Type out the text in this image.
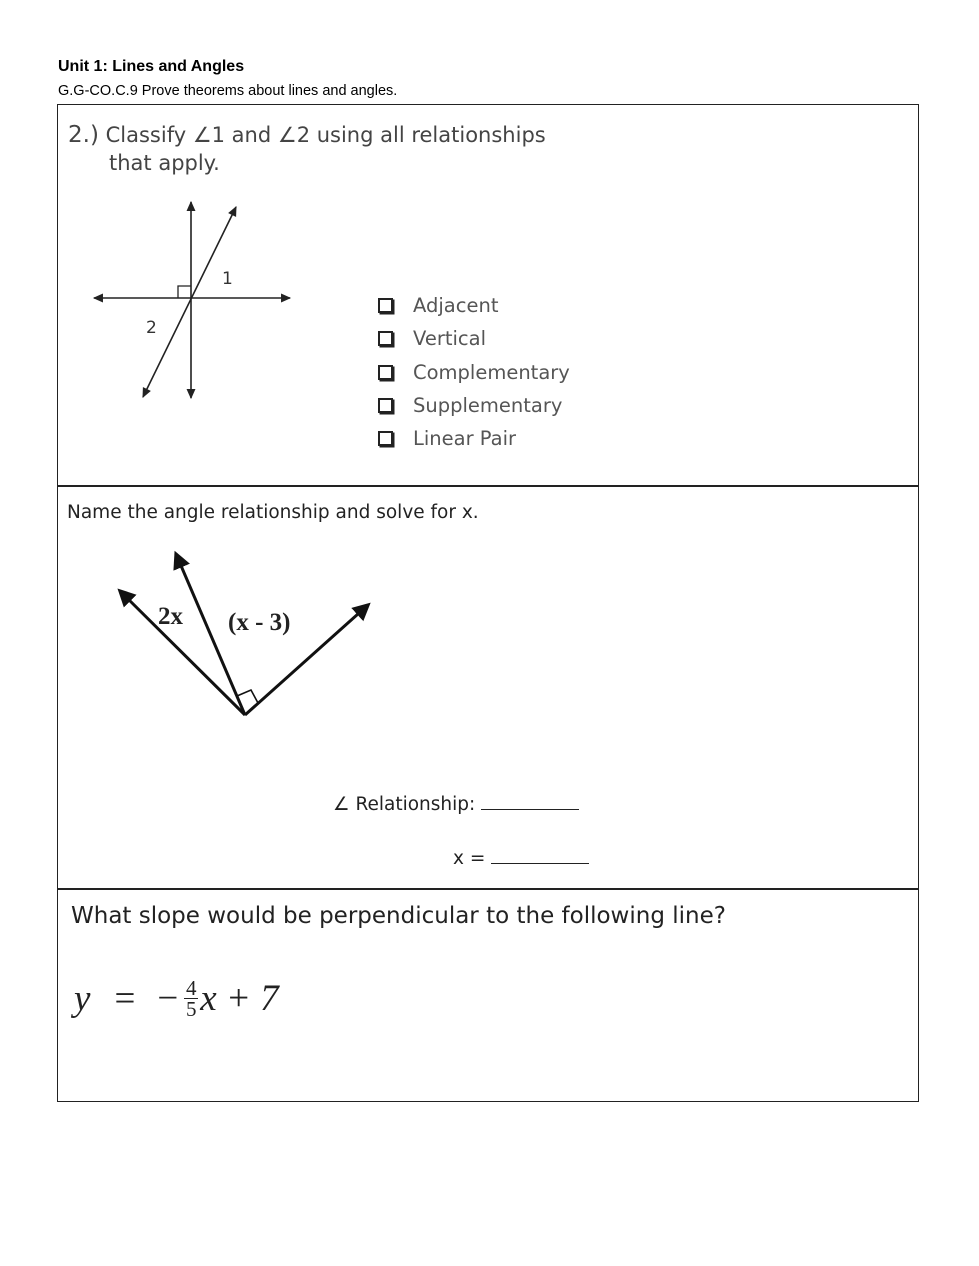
Unit 1: Lines and Angles
G.G-CO.C.9 Prove theorems about lines and angles.
2.) Classify ∠1 and ∠2 using all relationships
that apply.
1
2
Adjacent
Vertical
Complementary
Supplementary
Linear Pair
Name the angle relationship and solve for x.
2x (x - 3)
∠ Relationship:
x =
What slope would be perpendicular to the following line?
y = − $\frac{4}{5}$ x + 7
